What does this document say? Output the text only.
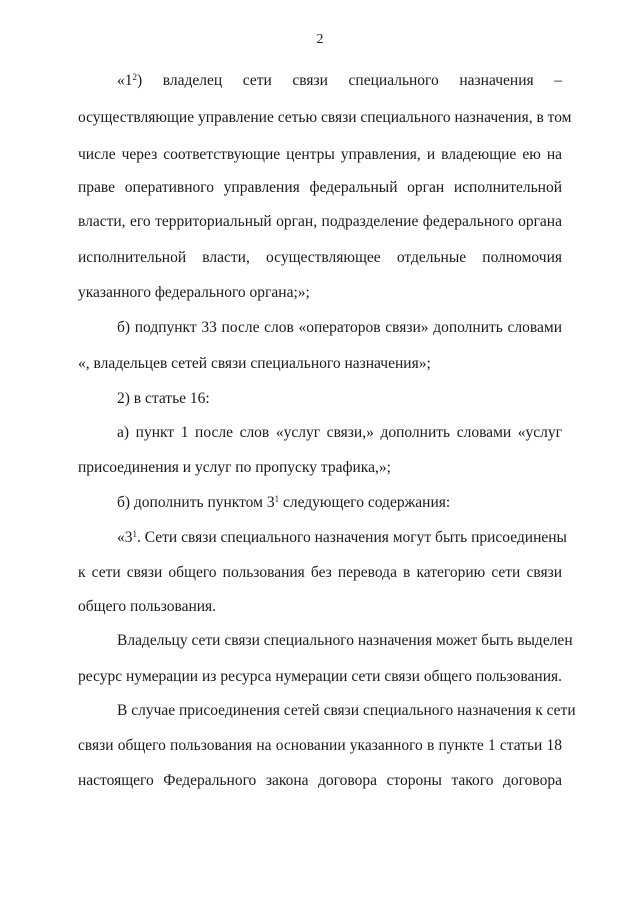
2
«$1^2$) владелец сети связи специального назначения –
осуществляющие управление сетью связи специального назначения, в том
числе через соответствующие центры управления, и владеющие ею на
праве оперативного управления федеральный орган исполнительной
власти, его территориальный орган, подразделение федерального органа
исполнительной власти, осуществляющее отдельные полномочия
указанного федерального органа;»;
б) подпункт 33 после слов «операторов связи» дополнить словами
«, владельцев сетей связи специального назначения»;
2) в статье 16:
а) пункт 1 после слов «услуг связи,» дополнить словами «услуг
присоединения и услуг по пропуску трафика,»;
б) дополнить пунктом $3^1$ следующего содержания:
«$3^1$. Сети связи специального назначения могут быть присоединены
к сети связи общего пользования без перевода в категорию сети связи
общего пользования.
Владельцу сети связи специального назначения может быть выделен
ресурс нумерации из ресурса нумерации сети связи общего пользования.
В случае присоединения сетей связи специального назначения к сети
связи общего пользования на основании указанного в пункте 1 статьи 18
настоящего Федерального закона договора стороны такого договора
